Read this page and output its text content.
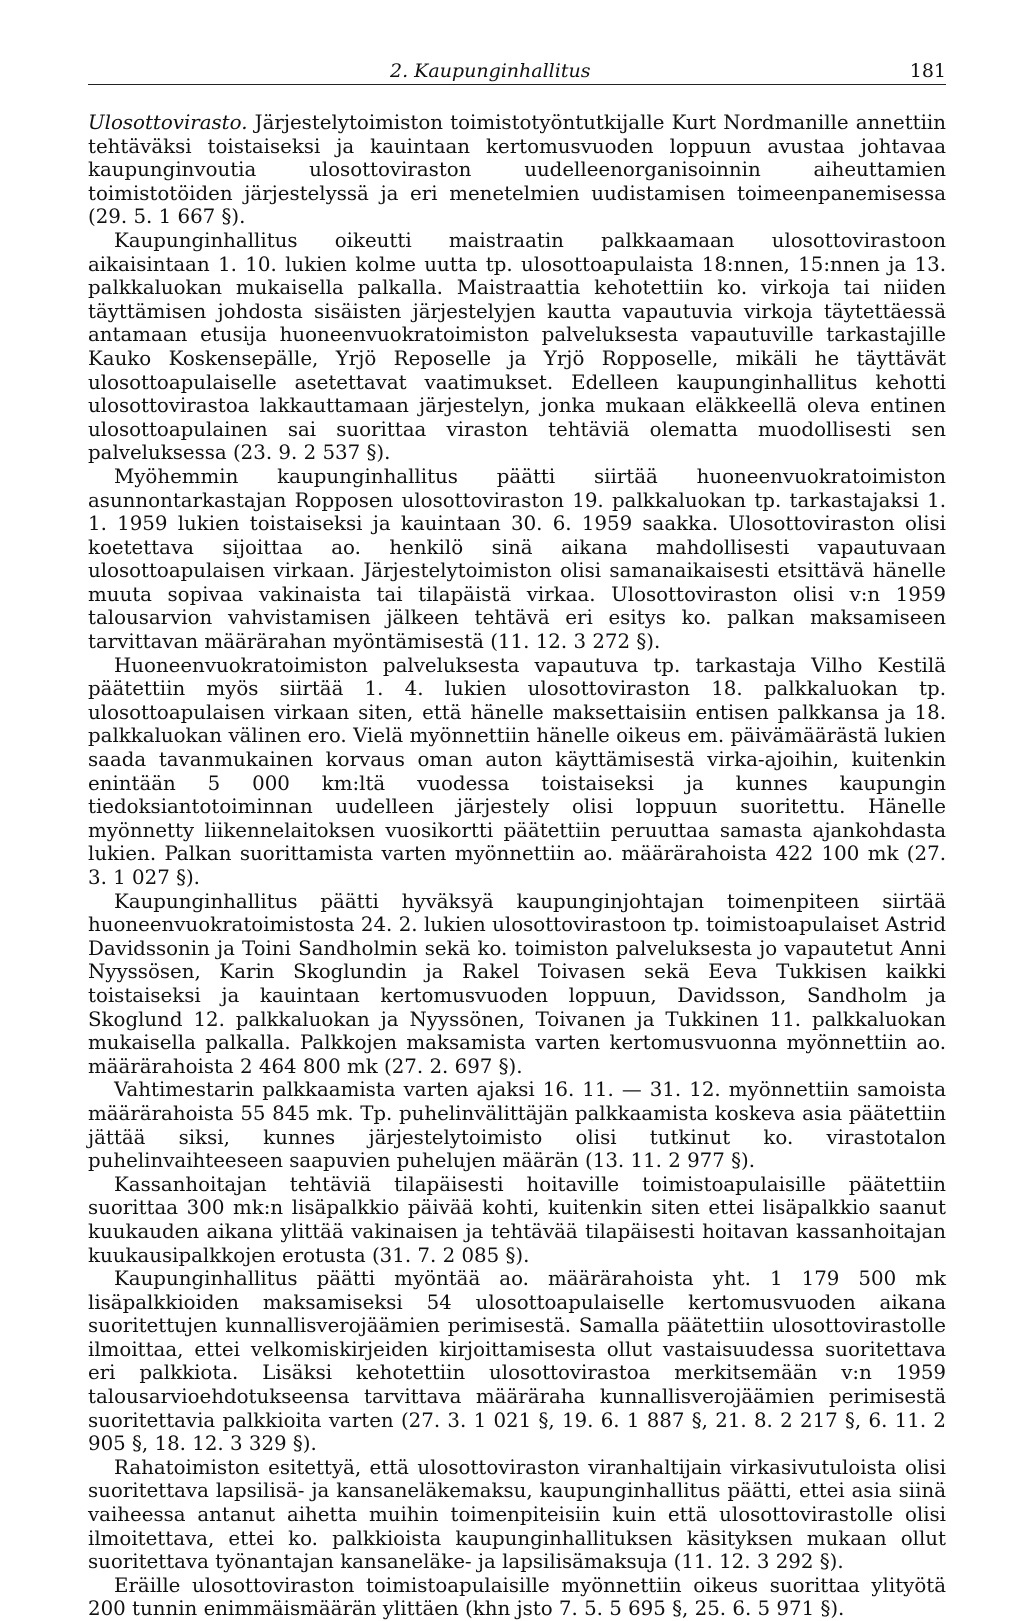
2. Kaupunginhallitus	181

Ulosottovirasto. Järjestelytoimiston toimistotyöntutkijalle Kurt Nordmanille annettiin tehtäväksi toistaiseksi ja kauintaan kertomusvuoden loppuun avustaa johtavaa kaupunginvoutia ulosottoviraston uudelleenorganisoinnin aiheuttamien toimistotöiden järjestelyssä ja eri menetelmien uudistamisen toimeenpanemisessa (29. 5. 1 667 §).

Kaupunginhallitus oikeutti maistraatin palkkaamaan ulosottovirastoon aikaisintaan 1. 10. lukien kolme uutta tp. ulosottoapulaista 18:nnen, 15:nnen ja 13. palkkaluokan mukaisella palkalla. Maistraattia kehotettiin ko. virkoja tai niiden täyttämisen johdosta sisäisten järjestelyjen kautta vapautuvia virkoja täytettäessä antamaan etusija huoneenvuokratoimiston palveluksesta vapautuville tarkastajille Kauko Koskensepälle, Yrjö Reposelle ja Yrjö Ropposelle, mikäli he täyttävät ulosottoapulaiselle asetettavat vaatimukset. Edelleen kaupunginhallitus kehotti ulosottovirastoa lakkauttamaan järjestelyn, jonka mukaan eläkkeellä oleva entinen ulosottoapulainen sai suorittaa viraston tehtäviä olematta muodollisesti sen palveluksessa (23. 9. 2 537 §).

Myöhemmin kaupunginhallitus päätti siirtää huoneenvuokratoimiston asunnontarkastajan Ropposen ulosottoviraston 19. palkkaluokan tp. tarkastajaksi 1. 1. 1959 lukien toistaiseksi ja kauintaan 30. 6. 1959 saakka. Ulosottoviraston olisi koetettava sijoittaa ao. henkilö sinä aikana mahdollisesti vapautuvaan ulosottoapulaisen virkaan. Järjestelytoimiston olisi samanaikaisesti etsittävä hänelle muuta sopivaa vakinaista tai tilapäistä virkaa. Ulosottoviraston olisi v:n 1959 talousarvion vahvistamisen jälkeen tehtävä eri esitys ko. palkan maksamiseen tarvittavan määrärahan myöntämisestä (11. 12. 3 272 §).

Huoneenvuokratoimiston palveluksesta vapautuva tp. tarkastaja Vilho Kestilä päätettiin myös siirtää 1. 4. lukien ulosottoviraston 18. palkkaluokan tp. ulosottoapulaisen virkaan siten, että hänelle maksettaisiin entisen palkkansa ja 18. palkkaluokan välinen ero. Vielä myönnettiin hänelle oikeus em. päivämäärästä lukien saada tavanmukainen korvaus oman auton käyttämisestä virka-ajoihin, kuitenkin enintään 5 000 km:ltä vuodessa toistaiseksi ja kunnes kaupungin tiedoksiantotoiminnan uudelleen järjestely olisi loppuun suoritettu. Hänelle myönnetty liikennelaitoksen vuosikortti päätettiin peruuttaa samasta ajankohdasta lukien. Palkan suorittamista varten myönnettiin ao. määrärahoista 422 100 mk (27. 3. 1 027 §).

Kaupunginhallitus päätti hyväksyä kaupunginjohtajan toimenpiteen siirtää huoneenvuokratoimistosta 24. 2. lukien ulosottovirastoon tp. toimistoapulaiset Astrid Davidssonin ja Toini Sandholmin sekä ko. toimiston palveluksesta jo vapautetut Anni Nyyssösen, Karin Skoglundin ja Rakel Toivasen sekä Eeva Tukkisen kaikki toistaiseksi ja kauintaan kertomusvuoden loppuun, Davidsson, Sandholm ja Skoglund 12. palkkaluokan ja Nyyssönen, Toivanen ja Tukkinen 11. palkkaluokan mukaisella palkalla. Palkkojen maksamista varten kertomusvuonna myönnettiin ao. määrärahoista 2 464 800 mk (27. 2. 697 §).

Vahtimestarin palkkaamista varten ajaksi 16. 11. — 31. 12. myönnettiin samoista määrärahoista 55 845 mk. Tp. puhelinvälittäjän palkkaamista koskeva asia päätettiin jättää siksi, kunnes järjestelytoimisto olisi tutkinut ko. virastotalon puhelinvaihteeseen saapuvien puhelujen määrän (13. 11. 2 977 §).

Kassanhoitajan tehtäviä tilapäisesti hoitaville toimistoapulaisille päätettiin suorittaa 300 mk:n lisäpalkkio päivää kohti, kuitenkin siten ettei lisäpalkkio saanut kuukauden aikana ylittää vakinaisen ja tehtävää tilapäisesti hoitavan kassanhoitajan kuukausipalkkojen erotusta (31. 7. 2 085 §).

Kaupunginhallitus päätti myöntää ao. määrärahoista yht. 1 179 500 mk lisäpalkkioiden maksamiseksi 54 ulosottoapulaiselle kertomusvuoden aikana suoritettujen kunnallisverojäämien perimisestä. Samalla päätettiin ulosottovirastolle ilmoittaa, ettei velkomiskirjeiden kirjoittamisesta ollut vastaisuudessa suoritettava eri palkkiota. Lisäksi kehotettiin ulosottovirastoa merkitsemään v:n 1959 talousarvioehdotukseensa tarvittava määräraha kunnallisverojäämien perimisestä suoritettavia palkkioita varten (27. 3. 1 021 §, 19. 6. 1 887 §, 21. 8. 2 217 §, 6. 11. 2 905 §, 18. 12. 3 329 §).

Rahatoimiston esitettyä, että ulosottoviraston viranhaltijain virkasivutuloista olisi suoritettava lapsilisä- ja kansaneläkemaksu, kaupunginhallitus päätti, ettei asia siinä vaiheessa antanut aihetta muihin toimenpiteisiin kuin että ulosottovirastolle olisi ilmoitettava, ettei ko. palkkioista kaupunginhallituksen käsityksen mukaan ollut suoritettava työnantajan kansaneläke- ja lapsilisämaksuja (11. 12. 3 292 §).

Eräille ulosottoviraston toimistoapulaisille myönnettiin oikeus suorittaa ylityötä 200 tunnin enimmäismäärän ylittäen (khn jsto 7. 5. 5 695 §, 25. 6. 5 971 §).
